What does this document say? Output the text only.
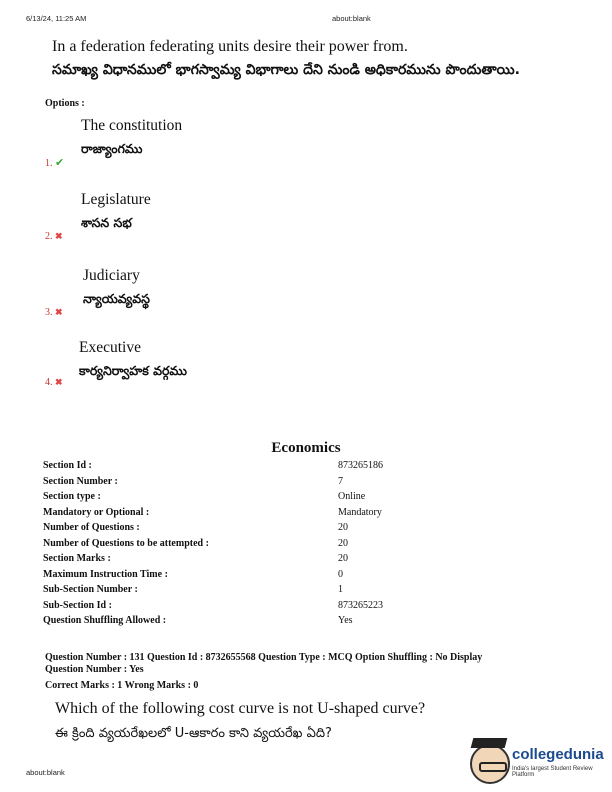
6/13/24, 11:25 AM	about:blank
In a federation federating units desire their power from.
సమాఖ్య విధానములో భాగస్వామ్య విభాగాలు దేని నుండి అధికారమును పొందుతాయి.
Options :
The constitution
రాజ్యాంగము
1. ✔
Legislature
శాసన సభ
2. ✖
Judiciary
న్యాయవ్యవస్థ
3. ✖
Executive
కార్యనిర్వాహక వర్గము
4. ✖
Economics
Section Id :	873265186
Section Number :	7
Section type :	Online
Mandatory or Optional :	Mandatory
Number of Questions :	20
Number of Questions to be attempted :	20
Section Marks :	20
Maximum Instruction Time :	0
Sub-Section Number :	1
Sub-Section Id :	873265223
Question Shuffling Allowed :	Yes
Question Number : 131 Question Id : 8732655568 Question Type : MCQ Option Shuffling : No Display
Question Number : Yes
Correct Marks : 1 Wrong Marks : 0
Which of the following cost curve is not U-shaped curve?
ఈ క్రింది వ్యయరేఖలలో U-ఆకారం కాని వ్యయరేఖ ఏది?
about:blank
collegedunia
India's largest Student Review Platform
